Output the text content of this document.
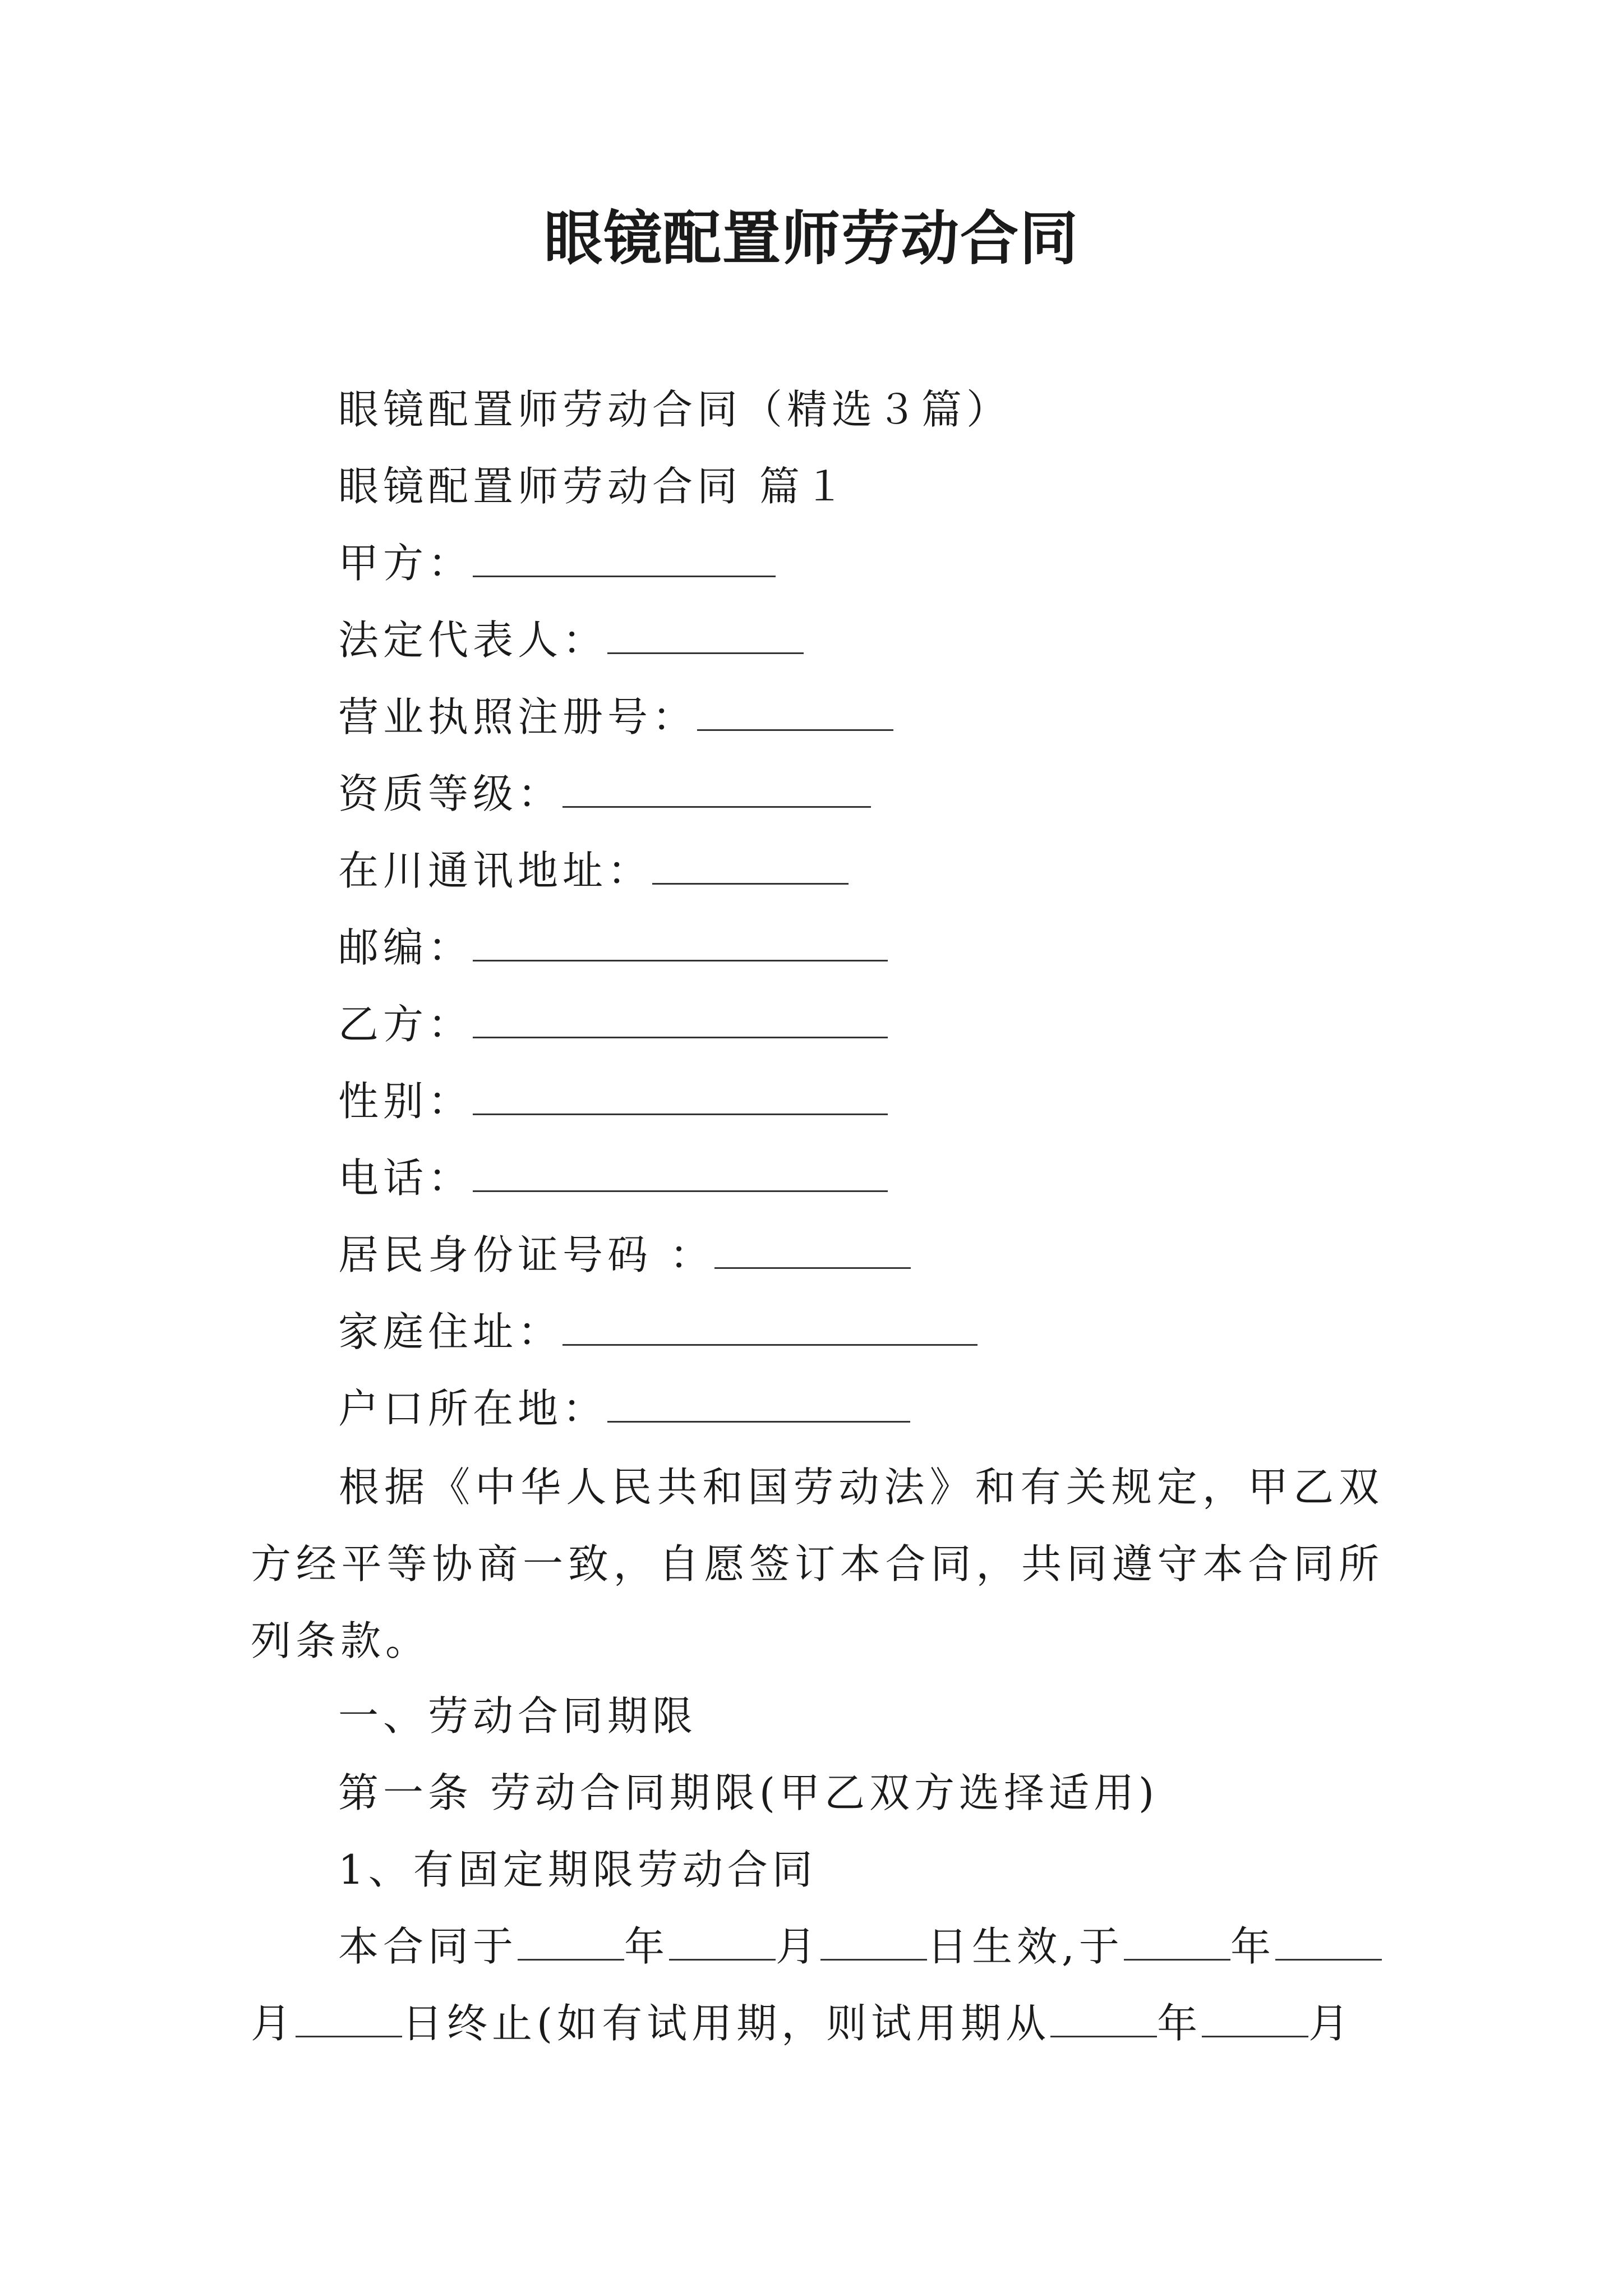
眼镜配置师劳动合同
眼镜配置师劳动合同（精选３篇）
眼镜配置师劳动合同 篇１
甲方：
法定代表人：
营业执照注册号：
资质等级：
在川通讯地址：
邮编：
乙方：
性别：
电话：
居民身份证号码 ：
家庭住址：
户口所在地：
根据《中华人民共和国劳动法》和有关规定，甲乙双方经平等协商一致，自愿签订本合同，共同遵守本合同所列条款。
一、劳动合同期限
第一条 劳动合同期限(甲乙双方选择适用)
1、有固定期限劳动合同
本合同于	年	月	日生效,于	年
月	日终止(如有试用期，则试用期从	年	月
